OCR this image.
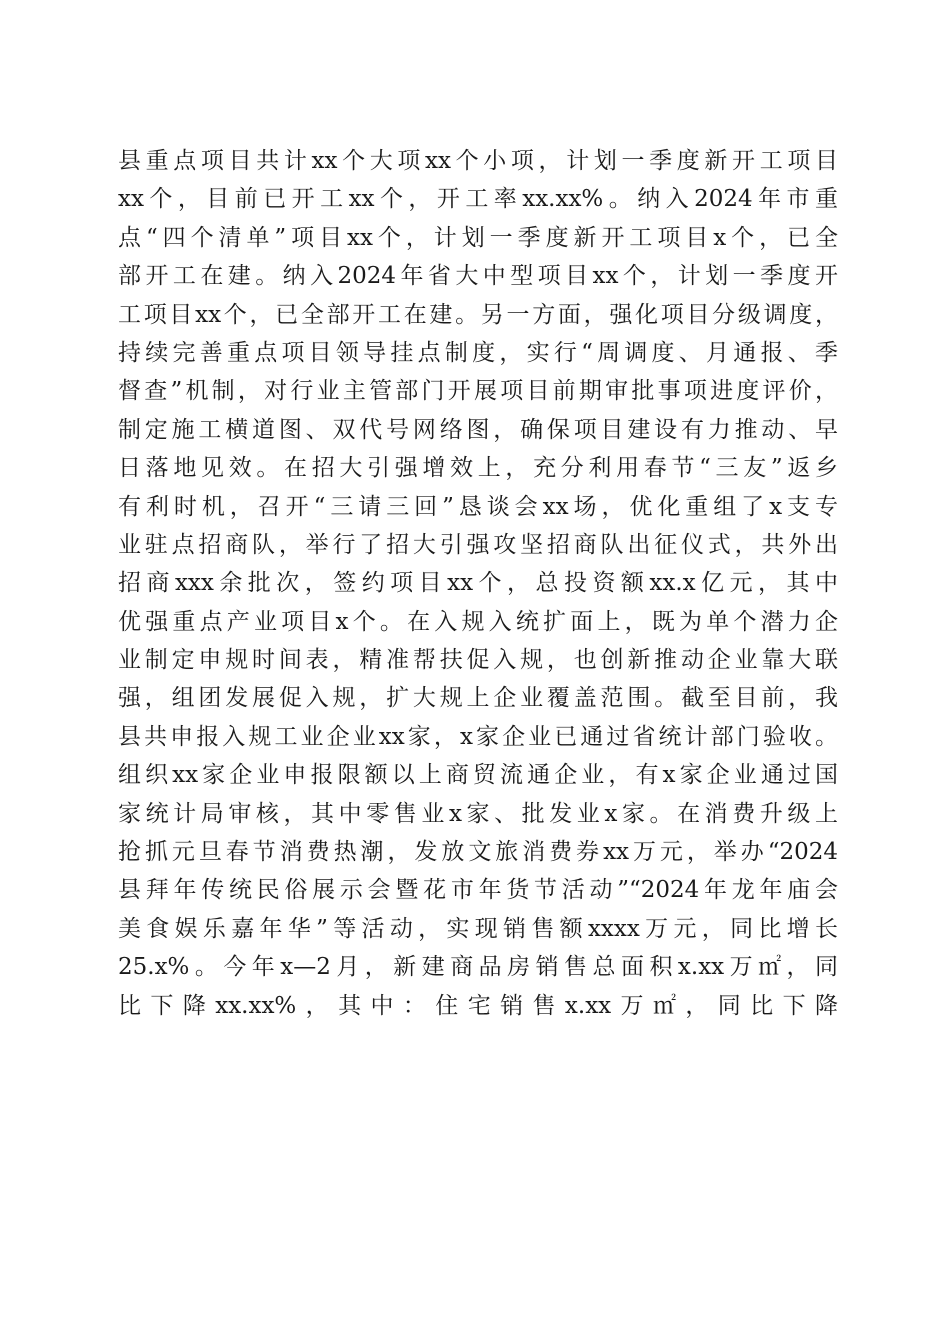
县重点项目共计xx个大项xx个小项，计划一季度新开工项目
xx个，目前已开工xx个，开工率xx.xx%。纳入2024年市重
点“四个清单”项目xx个，计划一季度新开工项目x个，已全
部开工在建。纳入2024年省大中型项目xx个，计划一季度开
工项目xx个，已全部开工在建。另一方面，强化项目分级调度，
持续完善重点项目领导挂点制度，实行“周调度、月通报、季
督查”机制，对行业主管部门开展项目前期审批事项进度评价，
制定施工横道图、双代号网络图，确保项目建设有力推动、早
日落地见效。在招大引强增效上，充分利用春节“三友”返乡
有利时机，召开“三请三回”恳谈会xx场，优化重组了x支专
业驻点招商队，举行了招大引强攻坚招商队出征仪式，共外出
招商xxx余批次，签约项目xx个，总投资额xx.x亿元，其中
优强重点产业项目x个。在入规入统扩面上，既为单个潜力企
业制定申规时间表，精准帮扶促入规，也创新推动企业靠大联
强，组团发展促入规，扩大规上企业覆盖范围。截至目前，我
县共申报入规工业企业xx家，x家企业已通过省统计部门验收。
组织xx家企业申报限额以上商贸流通企业，有x家企业通过国
家统计局审核，其中零售业x家、批发业x家。在消费升级上
抢抓元旦春节消费热潮，发放文旅消费券xx万元，举办“2024
县拜年传统民俗展示会暨花市年货节活动”“2024年龙年庙会
美食娱乐嘉年华”等活动，实现销售额xxxx万元，同比增长
25.x%。今年x—2月，新建商品房销售总面积x.xx万㎡，同
比下降xx.xx%，其中：住宅销售x.xx万㎡，同比下降
